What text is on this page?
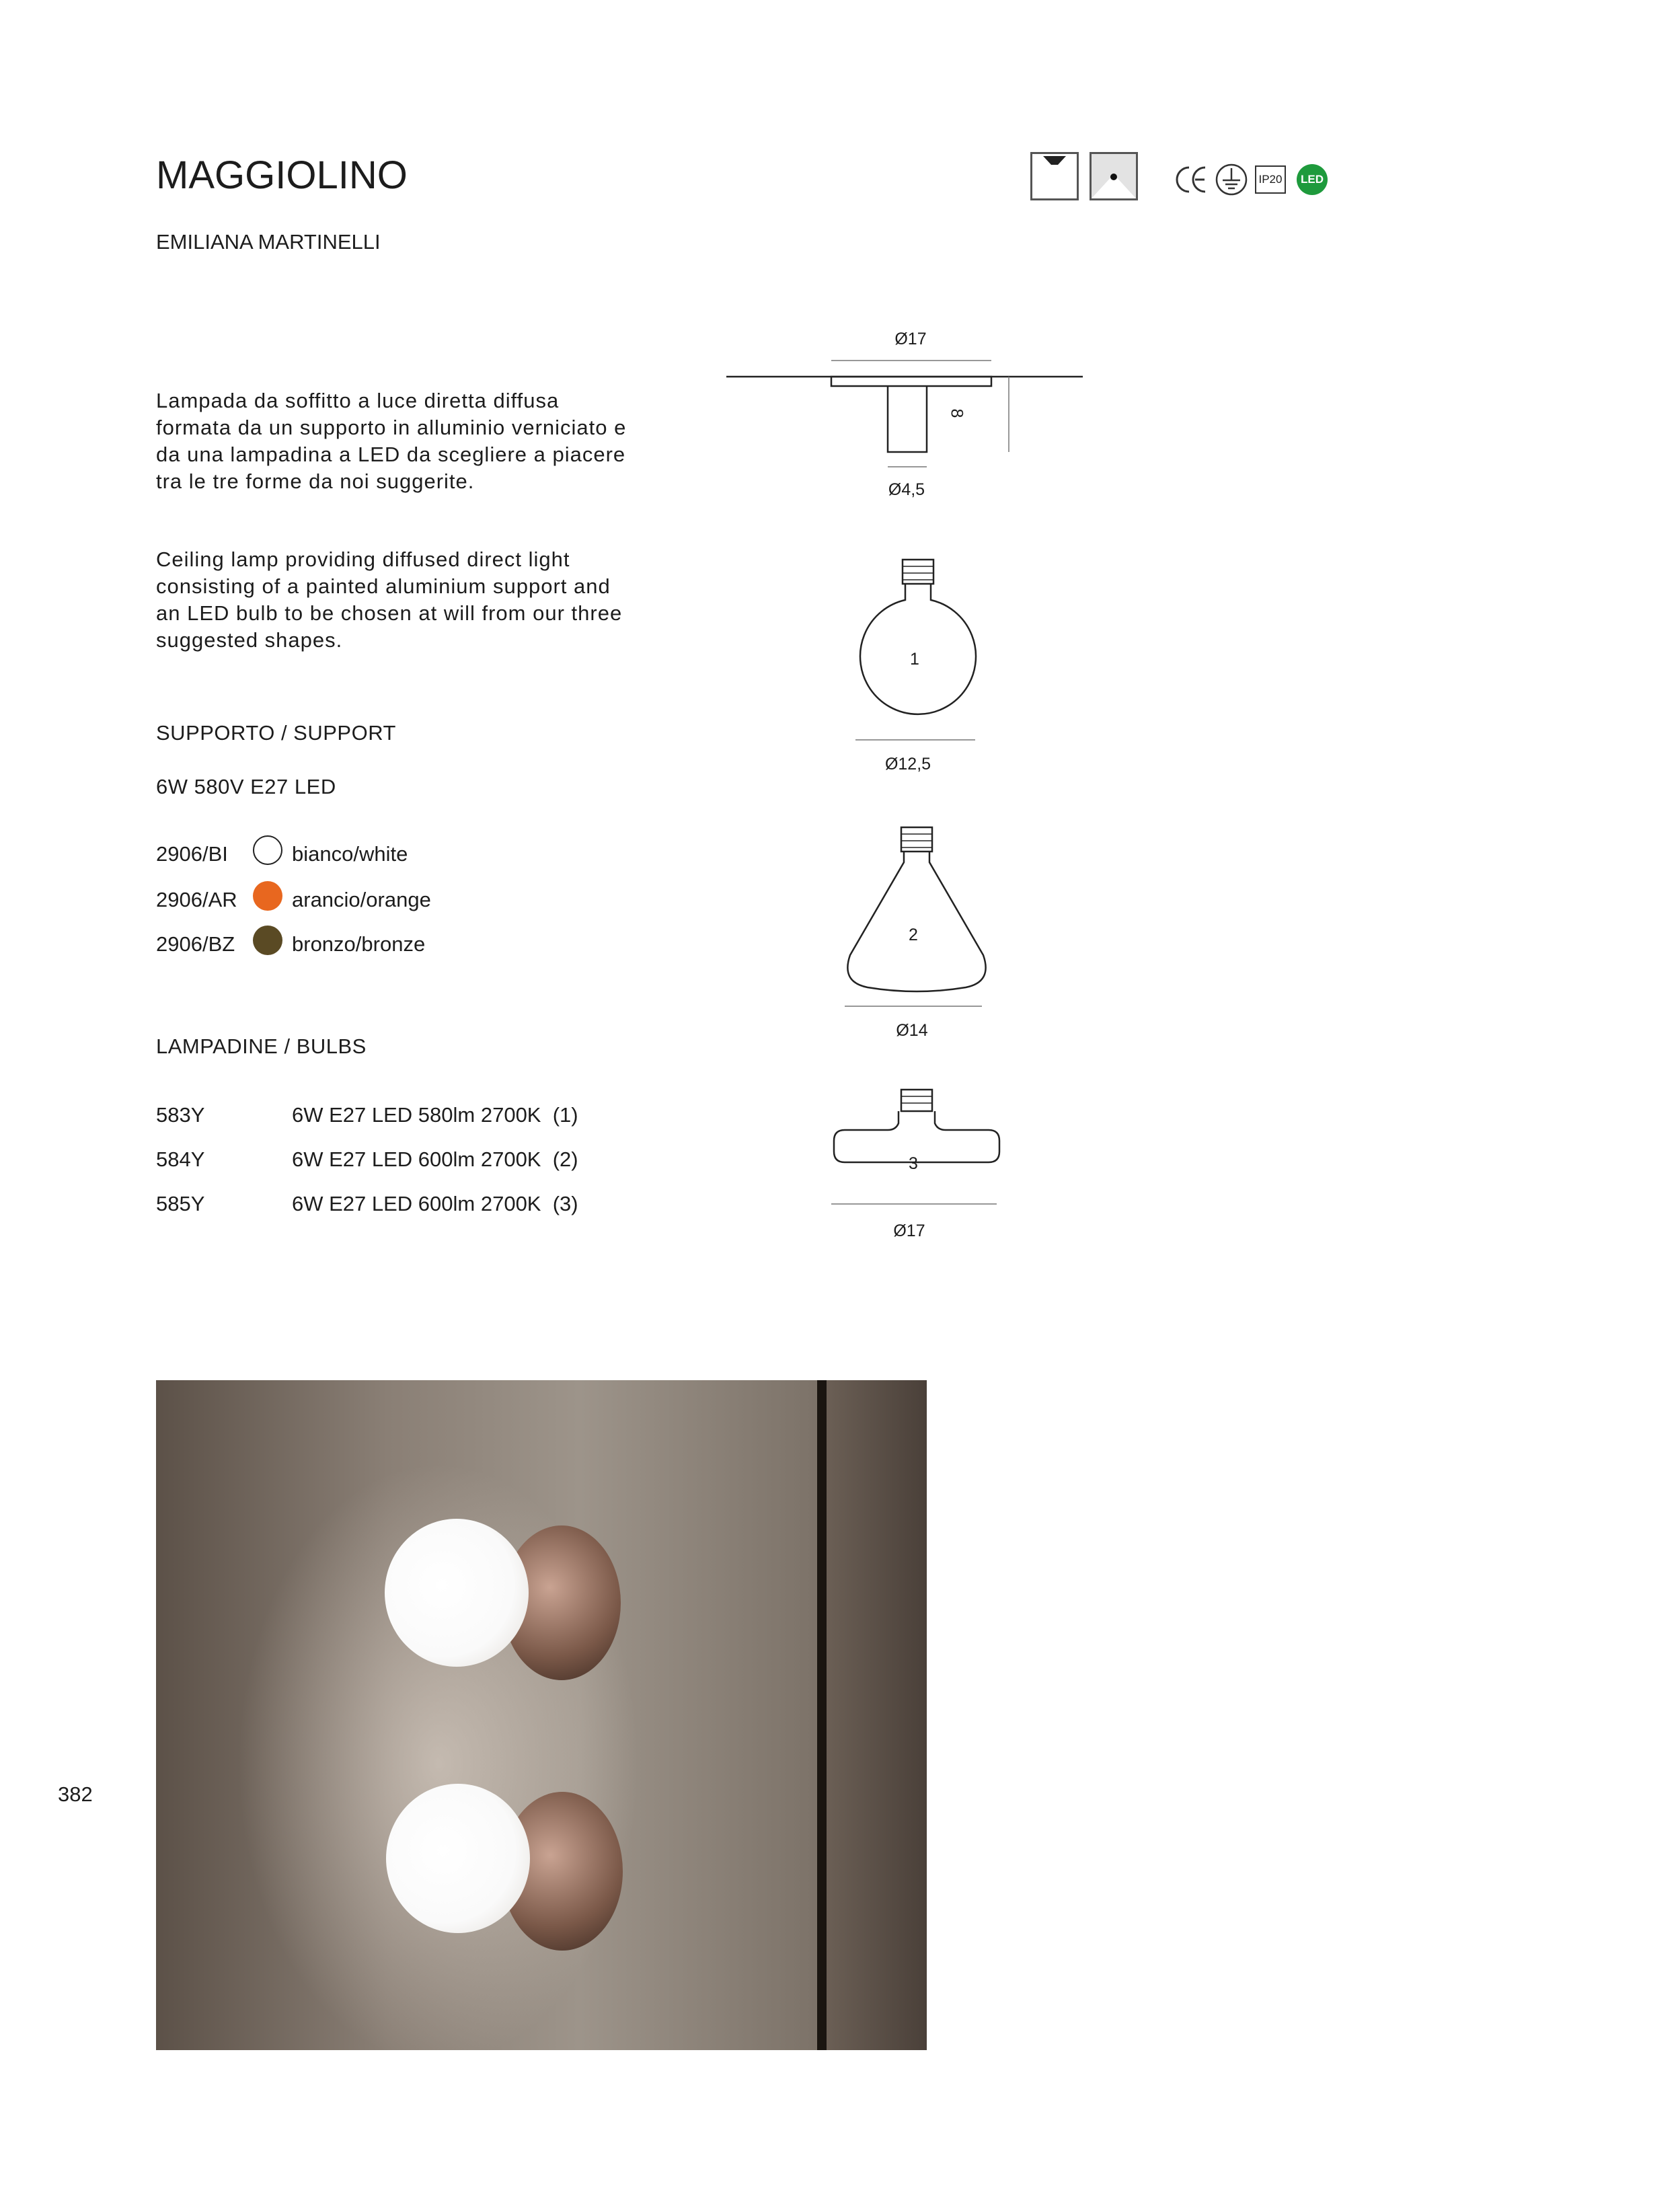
MAGGIOLINO
EMILIANA MARTINELLI
IP20	LED
Lampada da soffitto a luce diretta diffusa formata da un supporto in alluminio verniciato e da una lampadina a LED da scegliere a piacere tra le tre forme da noi suggerite.
Ceiling lamp providing diffused direct light consisting of a painted aluminium support and an LED bulb to be chosen at will from our three suggested shapes.
SUPPORTO / SUPPORT
6W 580V E27 LED
2906/BI	bianco/white
2906/AR	arancio/orange
2906/BZ	bronzo/bronze
LAMPADINE / BULBS
583Y	6W E27 LED 580lm 2700K  (1)
584Y	6W E27 LED 600lm 2700K  (2)
585Y	6W E27 LED 600lm 2700K  (3)
Ø17
8
Ø4,5
1
Ø12,5
2
Ø14
3
Ø17
382
